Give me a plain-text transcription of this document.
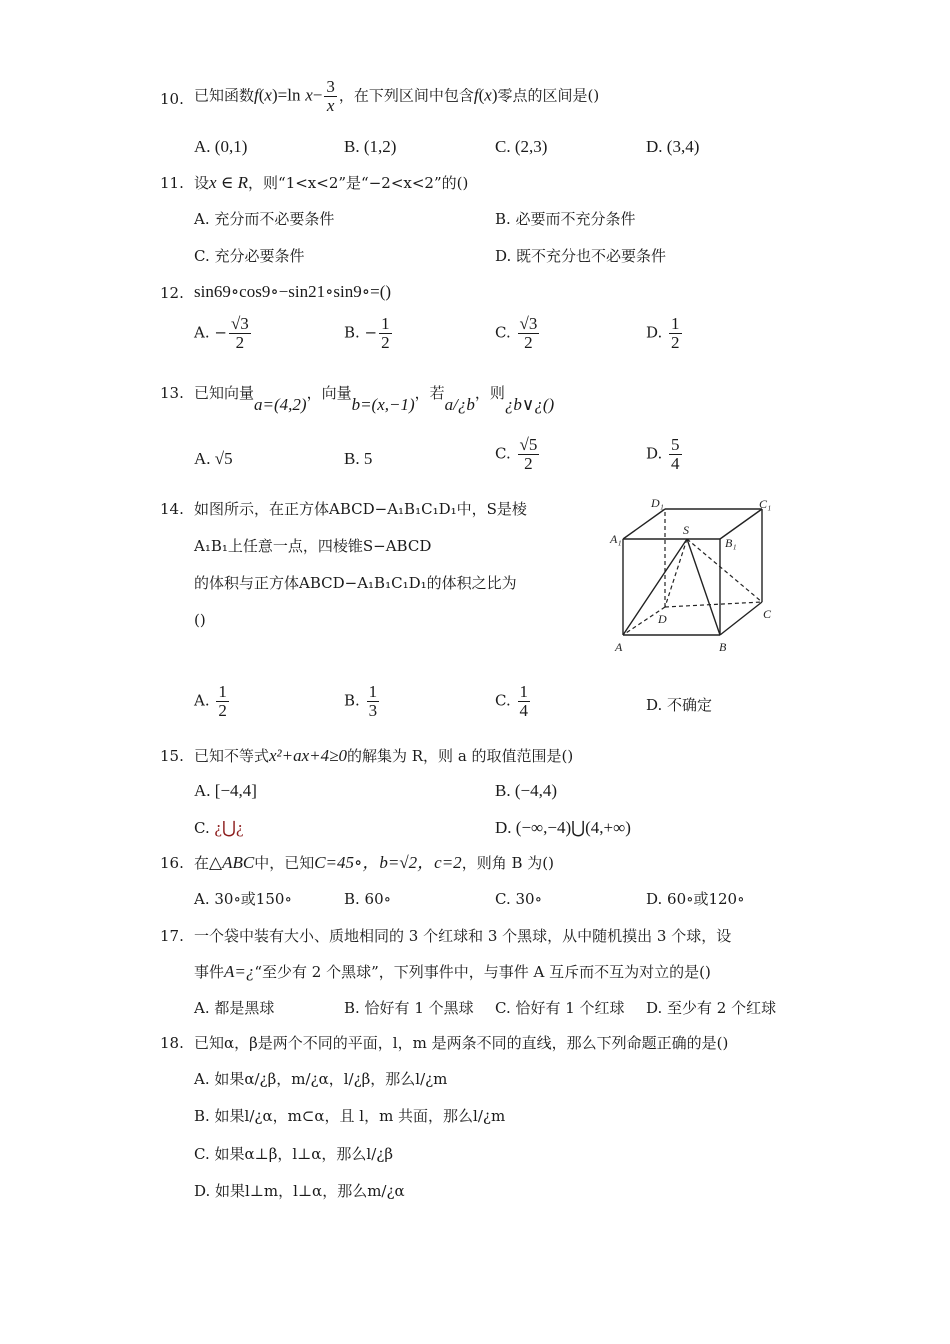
10. 已知函数f(x)=ln $x- \frac{3}{x}$ ，在下列区间中包含f(x)零点的区间是()
A. (0,1)	B. (1,2)	C. (2,3)	D. (3,4)
11. 设x ∈ R，则“1<x<2”是“−2<x<2”的()
A. 充分而不必要条件	B. 必要而不充分条件
C. 充分必要条件	D. 既不充分也不必要条件
12. sin69∘cos9∘−sin21∘sin9∘=()
A. − $\frac{√3}{2}$	B. − $\frac{1}{2}$	C. $\frac{√3}{2}$	D. $\frac{1}{2}$
13. 已知向量a=(4,2)，向量b=(x,−1)，若a/¿b，则¿b∨¿()
A. √5	B. 5	C. $\frac{√5}{2}$	D. $\frac{5}{4}$
14. 如图所示，在正方体ABCD−A₁B₁C₁D₁中，S是棱
A₁B₁上任意一点，四棱锥S−ABCD
的体积与正方体ABCD−A₁B₁C₁D₁的体积之比为
()
D₁	C₁
A₁	B₁
S
D	C
A	B
A. $\frac{1}{2}$	B. $\frac{1}{3}$	C. $\frac{1}{4}$	D. 不确定
15. 已知不等式x²+ax+4≥0的解集为 R，则 a 的取值范围是()
A. [−4,4]	B. (−4,4)
C. ¿⋃¿	D. (−∞,−4)⋃(4,+∞)
16. 在△ABC中，已知C=45∘，b=√2，c=2，则角 B 为()
A. 30∘或150∘	B. 60∘	C. 30∘	D. 60∘或120∘
17. 一个袋中装有大小、质地相同的 3 个红球和 3 个黑球，从中随机摸出 3 个球，设
事件A=¿“至少有 2 个黑球”，下列事件中，与事件 A 互斥而不互为对立的是()
A. 都是黑球	B. 恰好有 1 个黑球 C. 恰好有 1 个红球 D. 至少有 2 个红球
18. 已知α，β是两个不同的平面，l，m 是两条不同的直线，那么下列命题正确的是()
A. 如果α/¿β，m/¿α，l/¿β，那么l/¿m
B. 如果l/¿α，m⊂α，且 l，m 共面，那么l/¿m
C. 如果α⊥β，l⊥α，那么l/¿β
D. 如果l⊥m，l⊥α，那么m/¿α
